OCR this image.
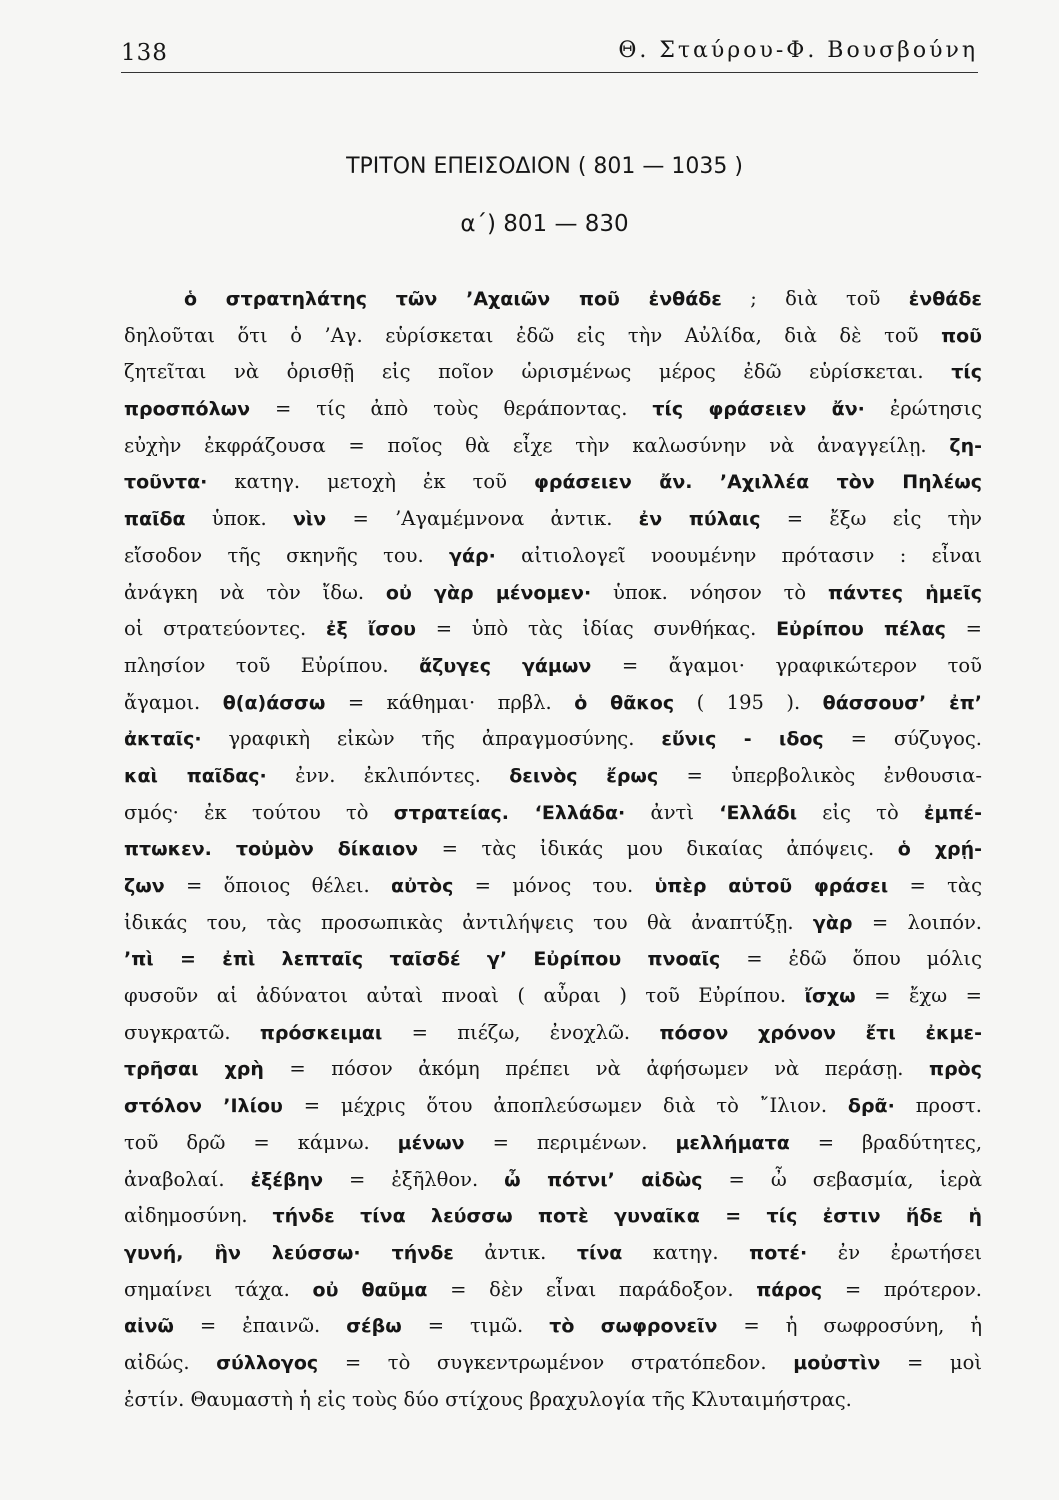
138	Θ. Σταύρου-Φ. Βουσβούνη
ΤΡΙΤΟΝ ΕΠΕΙΣΟΔΙΟΝ ( 801 — 1035 )
α΄) 801 — 830
ὁ στρατηλάτης τῶν ’Αχαιῶν ποῦ ἐνθάδε ; διὰ τοῦ ἐνθάδε
δηλοῦται ὅτι ὁ ’Αγ. εὑρίσκεται ἐδῶ εἰς τὴν Αὐλίδα, διὰ δὲ τοῦ ποῦ
ζητεῖται νὰ ὁρισθῇ εἰς ποῖον ὡρισμένως μέρος ἐδῶ εὑρίσκεται. τίς
προσπόλων = τίς ἀπὸ τοὺς θεράποντας. τίς φράσειεν ἄν· ἐρώτησις
εὐχὴν ἐκφράζουσα = ποῖος θὰ εἶχε τὴν καλωσύνην νὰ ἀναγγείλῃ. ζη-
τοῦντα· κατηγ. μετοχὴ ἐκ τοῦ φράσειεν ἄν. ’Αχιλλέα τὸν Πηλέως
παῖδα ὑποκ. νὶν = ’Αγαμέμνονα ἀντικ. ἐν πύλαις = ἔξω εἰς τὴν
εἴσοδον τῆς σκηνῆς του. γάρ· αἰτιολογεῖ νοουμένην πρότασιν : εἶναι
ἀνάγκη νὰ τὸν ἴδω. οὐ γὰρ μένομεν· ὑποκ. νόησον τὸ πάντες ἡμεῖς
οἱ στρατεύοντες. ἐξ ἴσου = ὑπὸ τὰς ἰδίας συνθήκας. Εὐρίπου πέλας =
πλησίον τοῦ Εὐρίπου. ἄζυγες γάμων = ἄγαμοι· γραφικώτερον τοῦ
ἄγαμοι. θ(α)άσσω = κάθημαι· πρβλ. ὁ θᾶκος ( 195 ). θάσσουσ’ ἐπ’
ἀκταῖς· γραφικὴ εἰκὼν τῆς ἀπραγμοσύνης. εὔνις - ιδος = σύζυγος.
καὶ παῖδας· ἐνν. ἐκλιπόντες. δεινὸς ἔρως = ὑπερβολικὸς ἐνθουσια-
σμός· ἐκ τούτου τὸ στρατείας. ‘Ελλάδα· ἀντὶ ‘Ελλάδι εἰς τὸ ἐμπέ-
πτωκεν. τοὐμὸν δίκαιον = τὰς ἰδικάς μου δικαίας ἀπόψεις. ὁ χρῄ-
ζων = ὅποιος θέλει. αὐτὸς = μόνος του. ὑπὲρ αὑτοῦ φράσει = τὰς
ἰδικάς του, τὰς προσωπικὰς ἀντιλήψεις του θὰ ἀναπτύξῃ. γὰρ = λοιπόν.
’πὶ = ἐπὶ λεπταῖς ταῖσδέ γ’ Εὐρίπου πνοαῖς = ἐδῶ ὅπου μόλις
φυσοῦν αἱ ἀδύνατοι αὐταὶ πνοαὶ ( αὖραι ) τοῦ Εὐρίπου. ἴσχω = ἔχω =
συγκρατῶ. πρόσκειμαι = πιέζω, ἐνοχλῶ. πόσον χρόνον ἔτι ἐκμε-
τρῆσαι χρὴ = πόσον ἀκόμη πρέπει νὰ ἀφήσωμεν νὰ περάσῃ. πρὸς
στόλον ’Ιλίου = μέχρις ὅτου ἀποπλεύσωμεν διὰ τὸ ῎Ιλιον. δρᾶ· προστ.
τοῦ δρῶ = κάμνω. μένων = περιμένων. μελλήματα = βραδύτητες,
ἀναβολαί. ἐξέβην = ἐξῆλθον. ὦ πότνι’ αἰδὼς = ὦ σεβασμία, ἱερὰ
αἰδημοσύνη. τήνδε τίνα λεύσσω ποτὲ γυναῖκα = τίς ἐστιν ἥδε ἡ
γυνή, ἣν λεύσσω· τήνδε ἀντικ. τίνα κατηγ. ποτέ· ἐν ἐρωτήσει
σημαίνει τάχα. οὐ θαῦμα = δὲν εἶναι παράδοξον. πάρος = πρότερον.
αἰνῶ = ἐπαινῶ. σέβω = τιμῶ. τὸ σωφρονεῖν = ἡ σωφροσύνη, ἡ
αἰδώς. σύλλογος = τὸ συγκεντρωμένον στρατόπεδον. μοὐστὶν = μοὶ
ἐστίν. Θαυμαστὴ ἡ εἰς τοὺς δύο στίχους βραχυλογία τῆς Κλυταιμήστρας.
